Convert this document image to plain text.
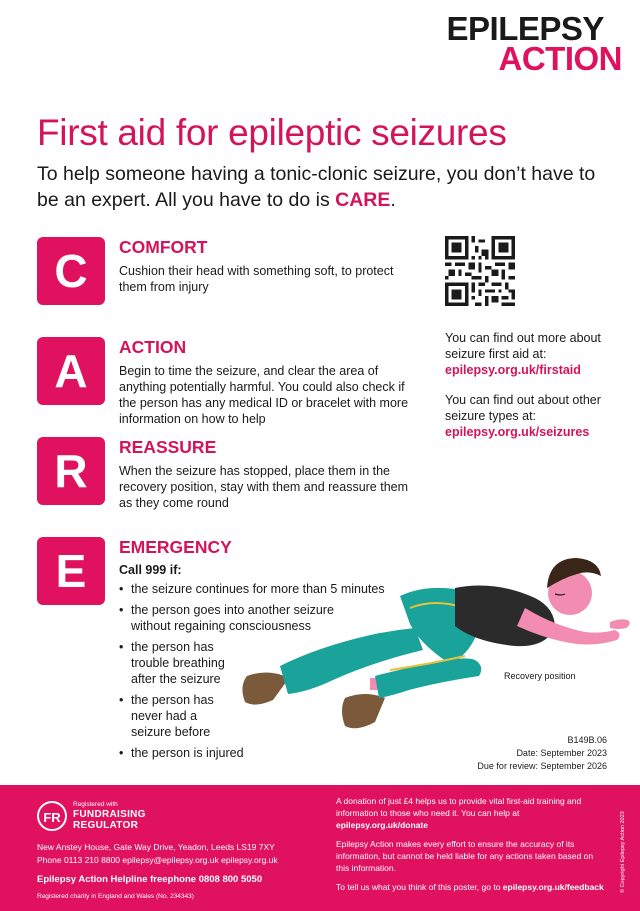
EPILEPSY
ACTION
First aid for epileptic seizures

To help someone having a tonic-clonic seizure, you don’t have to be an expert. All you have to do is CARE.

C	COMFORT

Cushion their head with something soft, to protect them from injury

A	ACTION

Begin to time the seizure, and clear the area of anything potentially harmful. You could also check if the person has any medical ID or bracelet with more information on how to help

R	REASSURE

When the seizure has stopped, place them in the recovery position, stay with them and reassure them as they come round

E	EMERGENCY

Call 999 if:

• the seizure continues for more than 5 minutes
• the person goes into another seizure without regaining consciousness
• the person has trouble breathing after the seizure
• the person has never had a seizure before
• the person is injured

You can find out more about seizure first aid at:
epilepsy.org.uk/firstaid

You can find out about other seizure types at:
epilepsy.org.uk/seizures

Recovery position
B149B.06
Date: September 2023
Due for review: September 2026
FR
Registered with
FUNDRAISING
REGULATOR
New Anstey House, Gate Way Drive, Yeadon, Leeds LS19 7XY
Phone 0113 210 8800 epilepsy@epilepsy.org.uk epilepsy.org.uk
Epilepsy Action Helpline freephone 0808 800 5050
Registered charity in England and Wales (No. 234343)

A donation of just £4 helps us to provide vital first-aid training and information to those who need it. You can help at epilepsy.org.uk/donate

Epilepsy Action makes every effort to ensure the accuracy of its information, but cannot be held liable for any actions taken based on this information.

To tell us what you think of this poster, go to epilepsy.org.uk/feedback	© Copyright Epilepsy Action 2023
